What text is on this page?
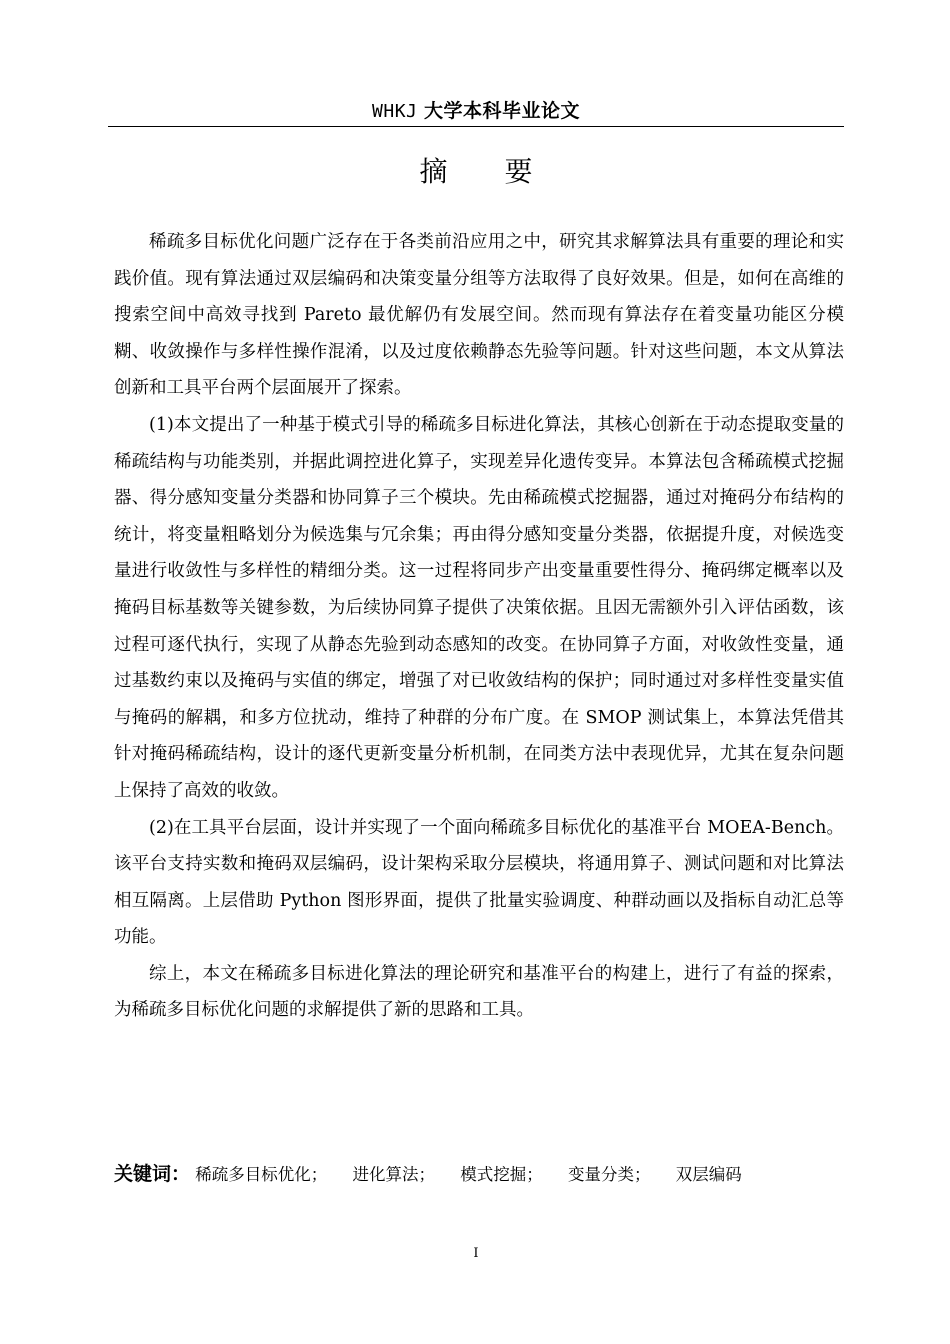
WHKJ 大学本科毕业论文
摘 要

稀疏多目标优化问题广泛存在于各类前沿应用之中，研究其求解算法具有重要的理论和实践价值。现有算法通过双层编码和决策变量分组等方法取得了良好效果。但是，如何在高维的搜索空间中高效寻找到 Pareto 最优解仍有发展空间。然而现有算法存在着变量功能区分模糊、收敛操作与多样性操作混淆，以及过度依赖静态先验等问题。针对这些问题，本文从算法创新和工具平台两个层面展开了探索。

(1)本文提出了一种基于模式引导的稀疏多目标进化算法，其核心创新在于动态提取变量的稀疏结构与功能类别，并据此调控进化算子，实现差异化遗传变异。本算法包含稀疏模式挖掘器、得分感知变量分类器和协同算子三个模块。先由稀疏模式挖掘器，通过对掩码分布结构的统计，将变量粗略划分为候选集与冗余集；再由得分感知变量分类器，依据提升度，对候选变量进行收敛性与多样性的精细分类。这一过程将同步产出变量重要性得分、掩码绑定概率以及掩码目标基数等关键参数，为后续协同算子提供了决策依据。且因无需额外引入评估函数，该过程可逐代执行，实现了从静态先验到动态感知的改变。在协同算子方面，对收敛性变量，通过基数约束以及掩码与实值的绑定，增强了对已收敛结构的保护；同时通过对多样性变量实值与掩码的解耦，和多方位扰动，维持了种群的分布广度。在 SMOP 测试集上，本算法凭借其针对掩码稀疏结构，设计的逐代更新变量分析机制，在同类方法中表现优异，尤其在复杂问题上保持了高效的收敛。

(2)在工具平台层面，设计并实现了一个面向稀疏多目标优化的基准平台 MOEA-Bench。该平台支持实数和掩码双层编码，设计架构采取分层模块，将通用算子、测试问题和对比算法相互隔离。上层借助 Python 图形界面，提供了批量实验调度、种群动画以及指标自动汇总等功能。

综上，本文在稀疏多目标进化算法的理论研究和基准平台的构建上，进行了有益的探索，为稀疏多目标优化问题的求解提供了新的思路和工具。

关键词： 稀疏多目标优化； 进化算法； 模式挖掘； 变量分类； 双层编码
I
